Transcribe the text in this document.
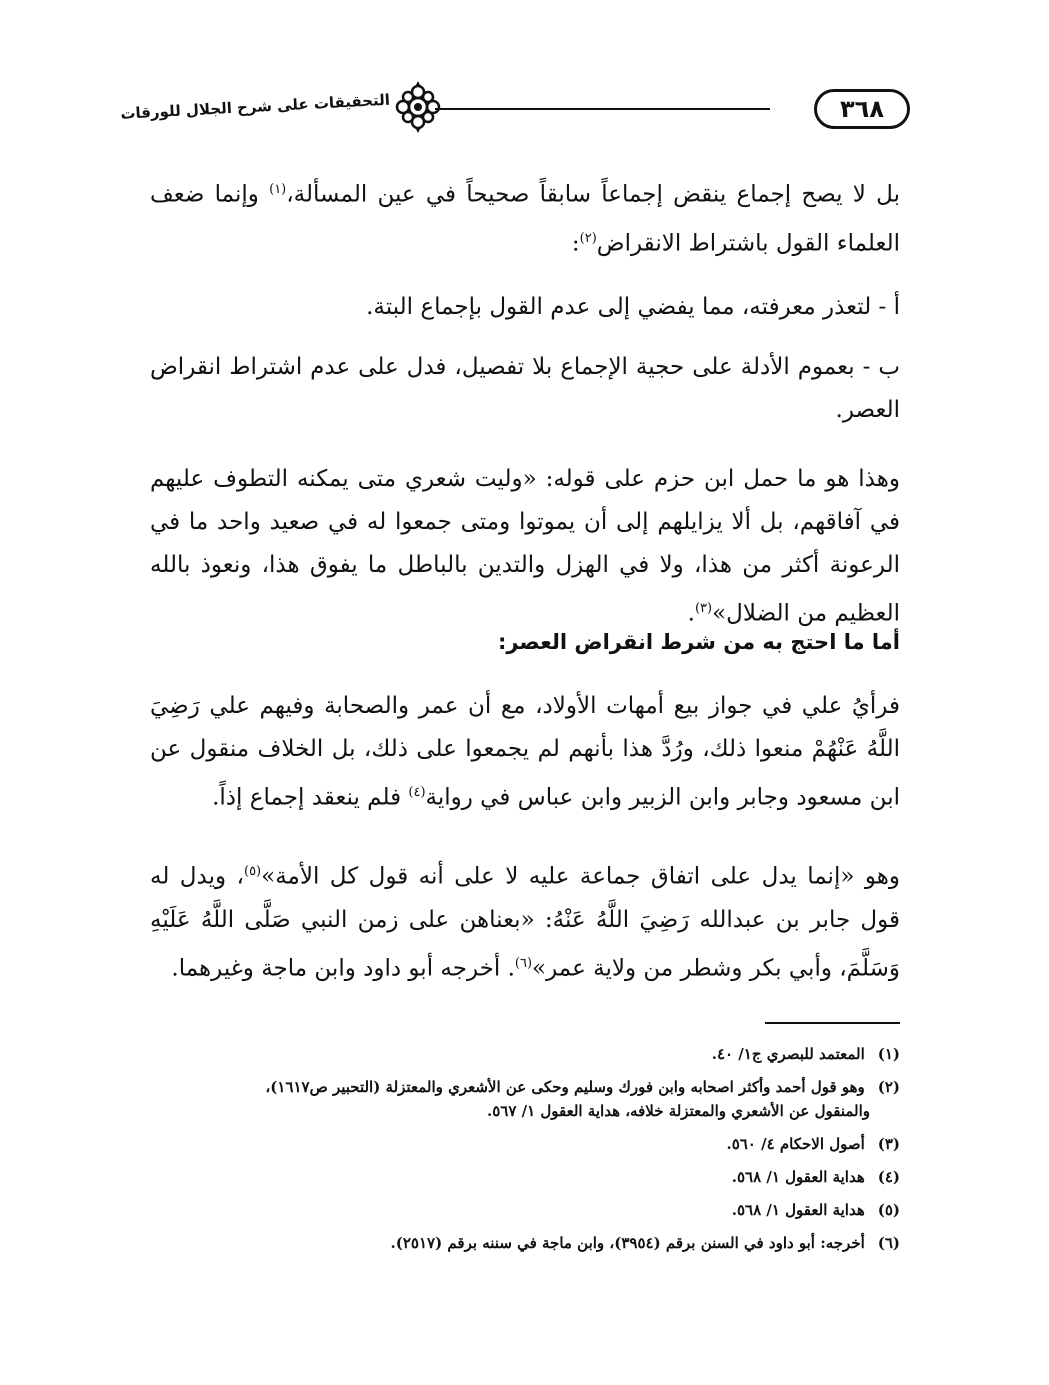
التحقيقات على شرح الجلال للورقات	٣٦٨

بل لا يصح إجماع ينقض إجماعاً سابقاً صحيحاً في عين المسألة،$^{(١)}$ وإنما ضعف العلماء القول باشتراط الانقراض$^{(٢)}$:

أ - لتعذر معرفته، مما يفضي إلى عدم القول بإجماع البتة.

ب - بعموم الأدلة على حجية الإجماع بلا تفصيل، فدل على عدم اشتراط انقراض العصر.

وهذا هو ما حمل ابن حزم على قوله: «وليت شعري متى يمكنه التطوف عليهم في آفاقهم، بل ألا يزايلهم إلى أن يموتوا ومتى جمعوا له في صعيد واحد ما في الرعونة أكثر من هذا، ولا في الهزل والتدين بالباطل ما يفوق هذا، ونعوذ بالله العظيم من الضلال»$^{(٣)}$.

أما ما احتج به من شرط انقراض العصر:

فرأيُ علي في جواز بيع أمهات الأولاد، مع أن عمر والصحابة وفيهم علي رَضِيَ اللَّهُ عَنْهُمْ منعوا ذلك، ورُدَّ هذا بأنهم لم يجمعوا على ذلك، بل الخلاف منقول عن ابن مسعود وجابر وابن الزبير وابن عباس في رواية$^{(٤)}$ فلم ينعقد إجماع إذاً.

وهو «إنما يدل على اتفاق جماعة عليه لا على أنه قول كل الأمة»$^{(٥)}$، ويدل له قول جابر بن عبدالله رَضِيَ اللَّهُ عَنْهُ: «بعناهن على زمن النبي صَلَّى اللَّهُ عَلَيْهِ وَسَلَّمَ، وأبي بكر وشطر من ولاية عمر»$^{(٦)}$. أخرجه أبو داود وابن ماجة وغيرهما.

(١) المعتمد للبصري ج١/ ٤٠.

(٢) وهو قول أحمد وأكثر اصحابه وابن فورك وسليم وحكى عن الأشعري والمعتزلة (التحبير ص١٦١٧)،
والمنقول عن الأشعري والمعتزلة خلافه، هداية العقول ١/ ٥٦٧.

(٣) أصول الاحكام ٤/ ٥٦٠.

(٤) هداية العقول ١/ ٥٦٨.

(٥) هداية العقول ١/ ٥٦٨.

(٦) أخرجه: أبو داود في السنن برقم (٣٩٥٤)، وابن ماجة في سننه برقم (٢٥١٧).
